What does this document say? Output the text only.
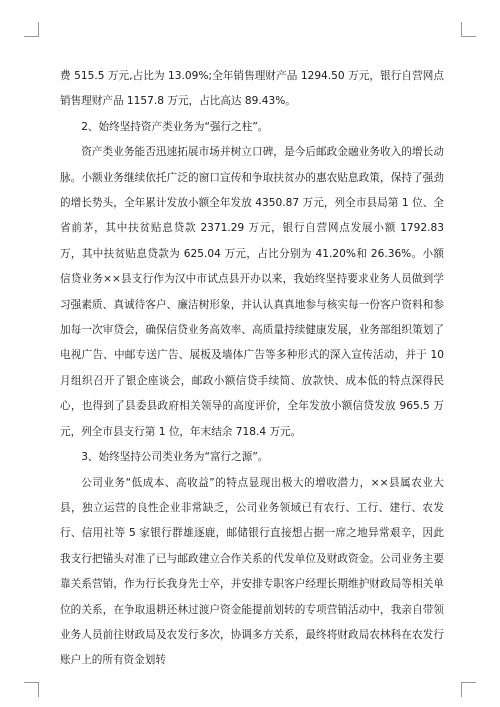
费 515.5 万元,占比为 13.09%;全年销售理财产品 1294.50 万元，银行自营网点销售理财产品 1157.8 万元，占比高达 89.43%。

2、始终坚持资产类业务为“强行之柱”。

资产类业务能否迅速拓展市场并树立口碑，是今后邮政金融业务收入的增长动脉。小额业务继续依托广泛的窗口宣传和争取扶贫办的惠农贴息政策，保持了强劲的增长势头，全年累计发放小额全年发放 4350.87 万元，列全市县局第 1 位、全省前茅，其中扶贫贴息贷款 2371.29 万元，银行自营网点发展小额 1792.83 万，其中扶贫贴息贷款为 625.04 万元，占比分别为 41.20%和 26.36%。小额信贷业务××县支行作为汉中市试点县开办以来，我始终坚持要求业务人员做到学习强素质、真诚待客户、廉洁树形象，并认认真真地参与核实每一份客户资料和参加每一次审贷会，确保信贷业务高效率、高质量持续健康发展，业务部组织策划了电视广告、中邮专送广告、展板及墙体广告等多种形式的深入宣传活动，并于 10 月组织召开了银企座谈会，邮政小额信贷手续简、放款快、成本低的特点深得民心，也得到了县委县政府相关领导的高度评价，全年发放小额信贷发放 965.5 万元，列全市县支行第 1 位，年末结余 718.4 万元。

3、始终坚持公司类业务为“富行之源”。

公司业务“低成本、高收益”的特点显现出极大的增收潜力，××县属农业大县，独立运营的良性企业非常缺乏，公司业务领域已有农行、工行、建行、农发行、信用社等 5 家银行群雄逐鹿，邮储银行直接想占据一席之地异常艰辛，因此我支行把锚头对准了已与邮政建立合作关系的代发单位及财政资金。公司业务主要靠关系营销，作为行长我身先士卒，并安排专职客户经理长期维护财政局等相关单位的关系，在争取退耕还林过渡户资金能提前划转的专项营销活动中，我亲自带领业务人员前往财政局及农发行多次，协调多方关系，最终将财政局农林科在农发行账户上的所有资金划转
